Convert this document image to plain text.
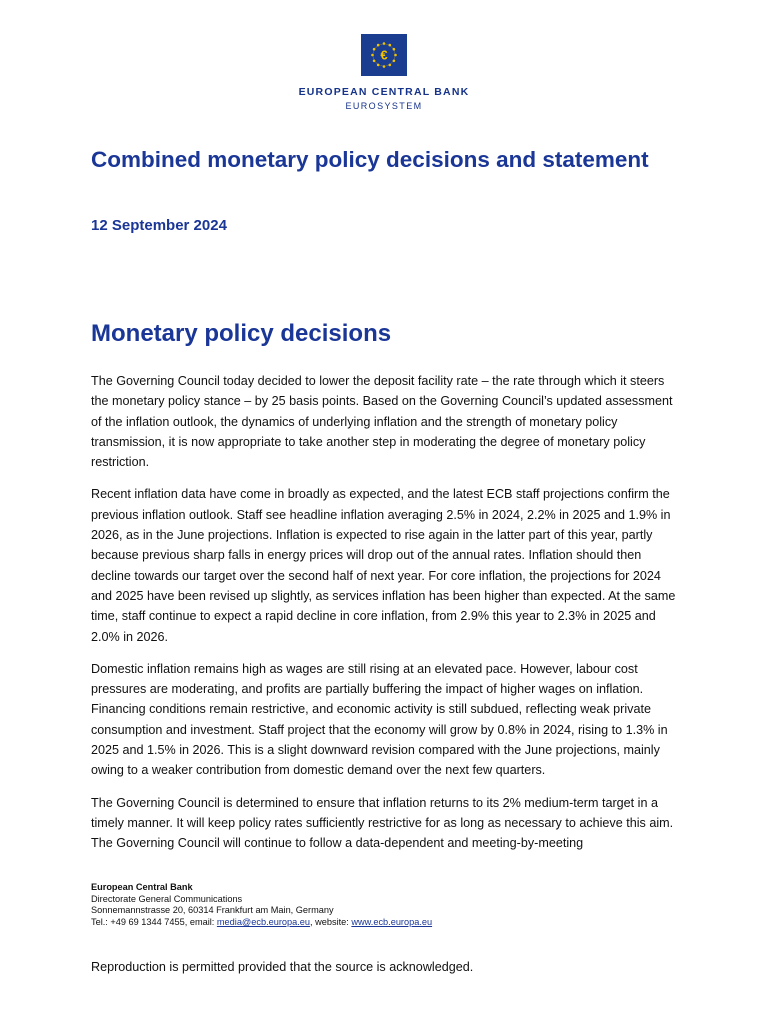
€
EUROPEAN CENTRAL BANK
EUROSYSTEM
Combined monetary policy decisions and statement
12 September 2024
Monetary policy decisions

The Governing Council today decided to lower the deposit facility rate – the rate through which it steers the monetary policy stance – by 25 basis points. Based on the Governing Council’s updated assessment of the inflation outlook, the dynamics of underlying inflation and the strength of monetary policy transmission, it is now appropriate to take another step in moderating the degree of monetary policy restriction.

Recent inflation data have come in broadly as expected, and the latest ECB staff projections confirm the previous inflation outlook. Staff see headline inflation averaging 2.5% in 2024, 2.2% in 2025 and 1.9% in 2026, as in the June projections. Inflation is expected to rise again in the latter part of this year, partly because previous sharp falls in energy prices will drop out of the annual rates. Inflation should then decline towards our target over the second half of next year. For core inflation, the projections for 2024 and 2025 have been revised up slightly, as services inflation has been higher than expected. At the same time, staff continue to expect a rapid decline in core inflation, from 2.9% this year to 2.3% in 2025 and 2.0% in 2026.

Domestic inflation remains high as wages are still rising at an elevated pace. However, labour cost pressures are moderating, and profits are partially buffering the impact of higher wages on inflation. Financing conditions remain restrictive, and economic activity is still subdued, reflecting weak private consumption and investment. Staff project that the economy will grow by 0.8% in 2024, rising to 1.3% in 2025 and 1.5% in 2026. This is a slight downward revision compared with the June projections, mainly owing to a weaker contribution from domestic demand over the next few quarters.

The Governing Council is determined to ensure that inflation returns to its 2% medium-term target in a timely manner. It will keep policy rates sufficiently restrictive for as long as necessary to achieve this aim. The Governing Council will continue to follow a data-dependent and meeting-by-meeting

European Central Bank
Directorate General Communications
Sonnemannstrasse 20, 60314 Frankfurt am Main, Germany
Tel.: +49 69 1344 7455, email: media@ecb.europa.eu, website: www.ecb.europa.eu
Reproduction is permitted provided that the source is acknowledged.
